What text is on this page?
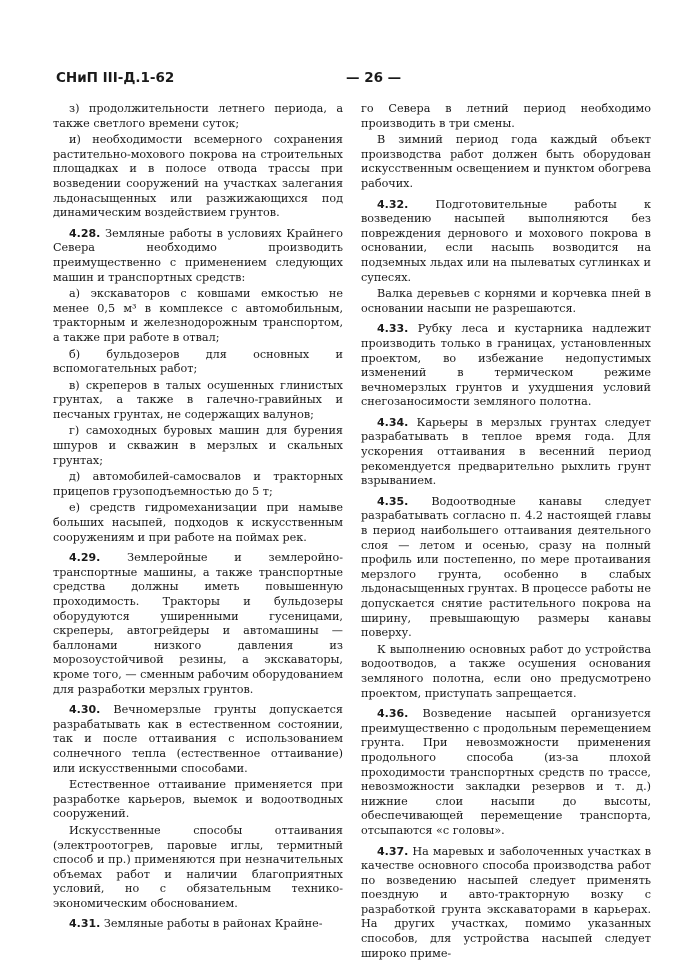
СНиП III-Д.1-62	— 26 —

з) продолжительности летнего периода, а также светлого времени суток;

и) необходимости всемерного сохранения растительно-мохового покрова на строительных площадках и в полосе отвода трассы при возведении сооружений на участках залегания льдонасыщенных или разжижающихся под динамическим воздействием грунтов.

4.28. Земляные работы в условиях Крайнего Севера необходимо производить преимущественно с применением следующих машин и транспортных средств:

а) экскаваторов с ковшами емкостью не менее 0,5 м³ в комплексе с автомобильным, тракторным и железнодорожным транспортом, а также при работе в отвал;

б) бульдозеров для основных и вспомогательных работ;

в) скреперов в талых осушенных глинистых грунтах, а также в галечно-гравийных и песчаных грунтах, не содержащих валунов;

г) самоходных буровых машин для бурения шпуров и скважин в мерзлых и скальных грунтах;

д) автомобилей-самосвалов и тракторных прицепов грузоподъемностью до 5 т;

е) средств гидромеханизации при намыве больших насыпей, подходов к искусственным сооружениям и при работе на поймах рек.

4.29. Землеройные и землеройно-транспортные машины, а также транспортные средства должны иметь повышенную проходимость. Тракторы и бульдозеры оборудуются уширенными гусеницами, скреперы, автогрейдеры и автомашины — баллонами низкого давления из морозоустойчивой резины, а экскаваторы, кроме того, — сменным рабочим оборудованием для разработки мерзлых грунтов.

4.30. Вечномерзлые грунты допускается разрабатывать как в естественном состоянии, так и после оттаивания с использованием солнечного тепла (естественное оттаивание) или искусственными способами.

Естественное оттаивание применяется при разработке карьеров, выемок и водоотводных сооружений.

Искусственные способы оттаивания (электроотогрев, паровые иглы, термитный способ и пр.) применяются при незначительных объемах работ и наличии благоприятных условий, но с обязательным технико-экономическим обоснованием.

4.31. Земляные работы в районах Крайне-

го Севера в летний период необходимо производить в три смены.

В зимний период года каждый объект производства работ должен быть оборудован искусственным освещением и пунктом обогрева рабочих.

4.32. Подготовительные работы к возведению насыпей выполняются без повреждения дернового и мохового покрова в основании, если насыпь возводится на подземных льдах или на пылеватых суглинках и супесях.

Валка деревьев с корнями и корчевка пней в основании насыпи не разрешаются.

4.33. Рубку леса и кустарника надлежит производить только в границах, установленных проектом, во избежание недопустимых изменений в термическом режиме вечномерзлых грунтов и ухудшения условий снегозаносимости земляного полотна.

4.34. Карьеры в мерзлых грунтах следует разрабатывать в теплое время года. Для ускорения оттаивания в весенний период рекомендуется предварительно рыхлить грунт взрыванием.

4.35. Водоотводные канавы следует разрабатывать согласно п. 4.2 настоящей главы в период наибольшего оттаивания деятельного слоя — летом и осенью, сразу на полный профиль или постепенно, по мере протаивания мерзлого грунта, особенно в слабых льдонасыщенных грунтах. В процессе работы не допускается снятие растительного покрова на ширину, превышающую размеры канавы поверху.

К выполнению основных работ до устройства водоотводов, а также осушения основания земляного полотна, если оно предусмотрено проектом, приступать запрещается.

4.36. Возведение насыпей организуется преимущественно с продольным перемещением грунта. При невозможности применения продольного способа (из-за плохой проходимости транспортных средств по трассе, невозможности закладки резервов и т. д.) нижние слои насыпи до высоты, обеспечивающей перемещение транспорта, отсыпаются «с головы».

4.37. На маревых и заболоченных участках в качестве основного способа производства работ по возведению насыпей следует применять поездную и авто-тракторную возку с разработкой грунта экскаваторами в карьерах. На других участках, помимо указанных способов, для устройства насыпей следует широко приме-
